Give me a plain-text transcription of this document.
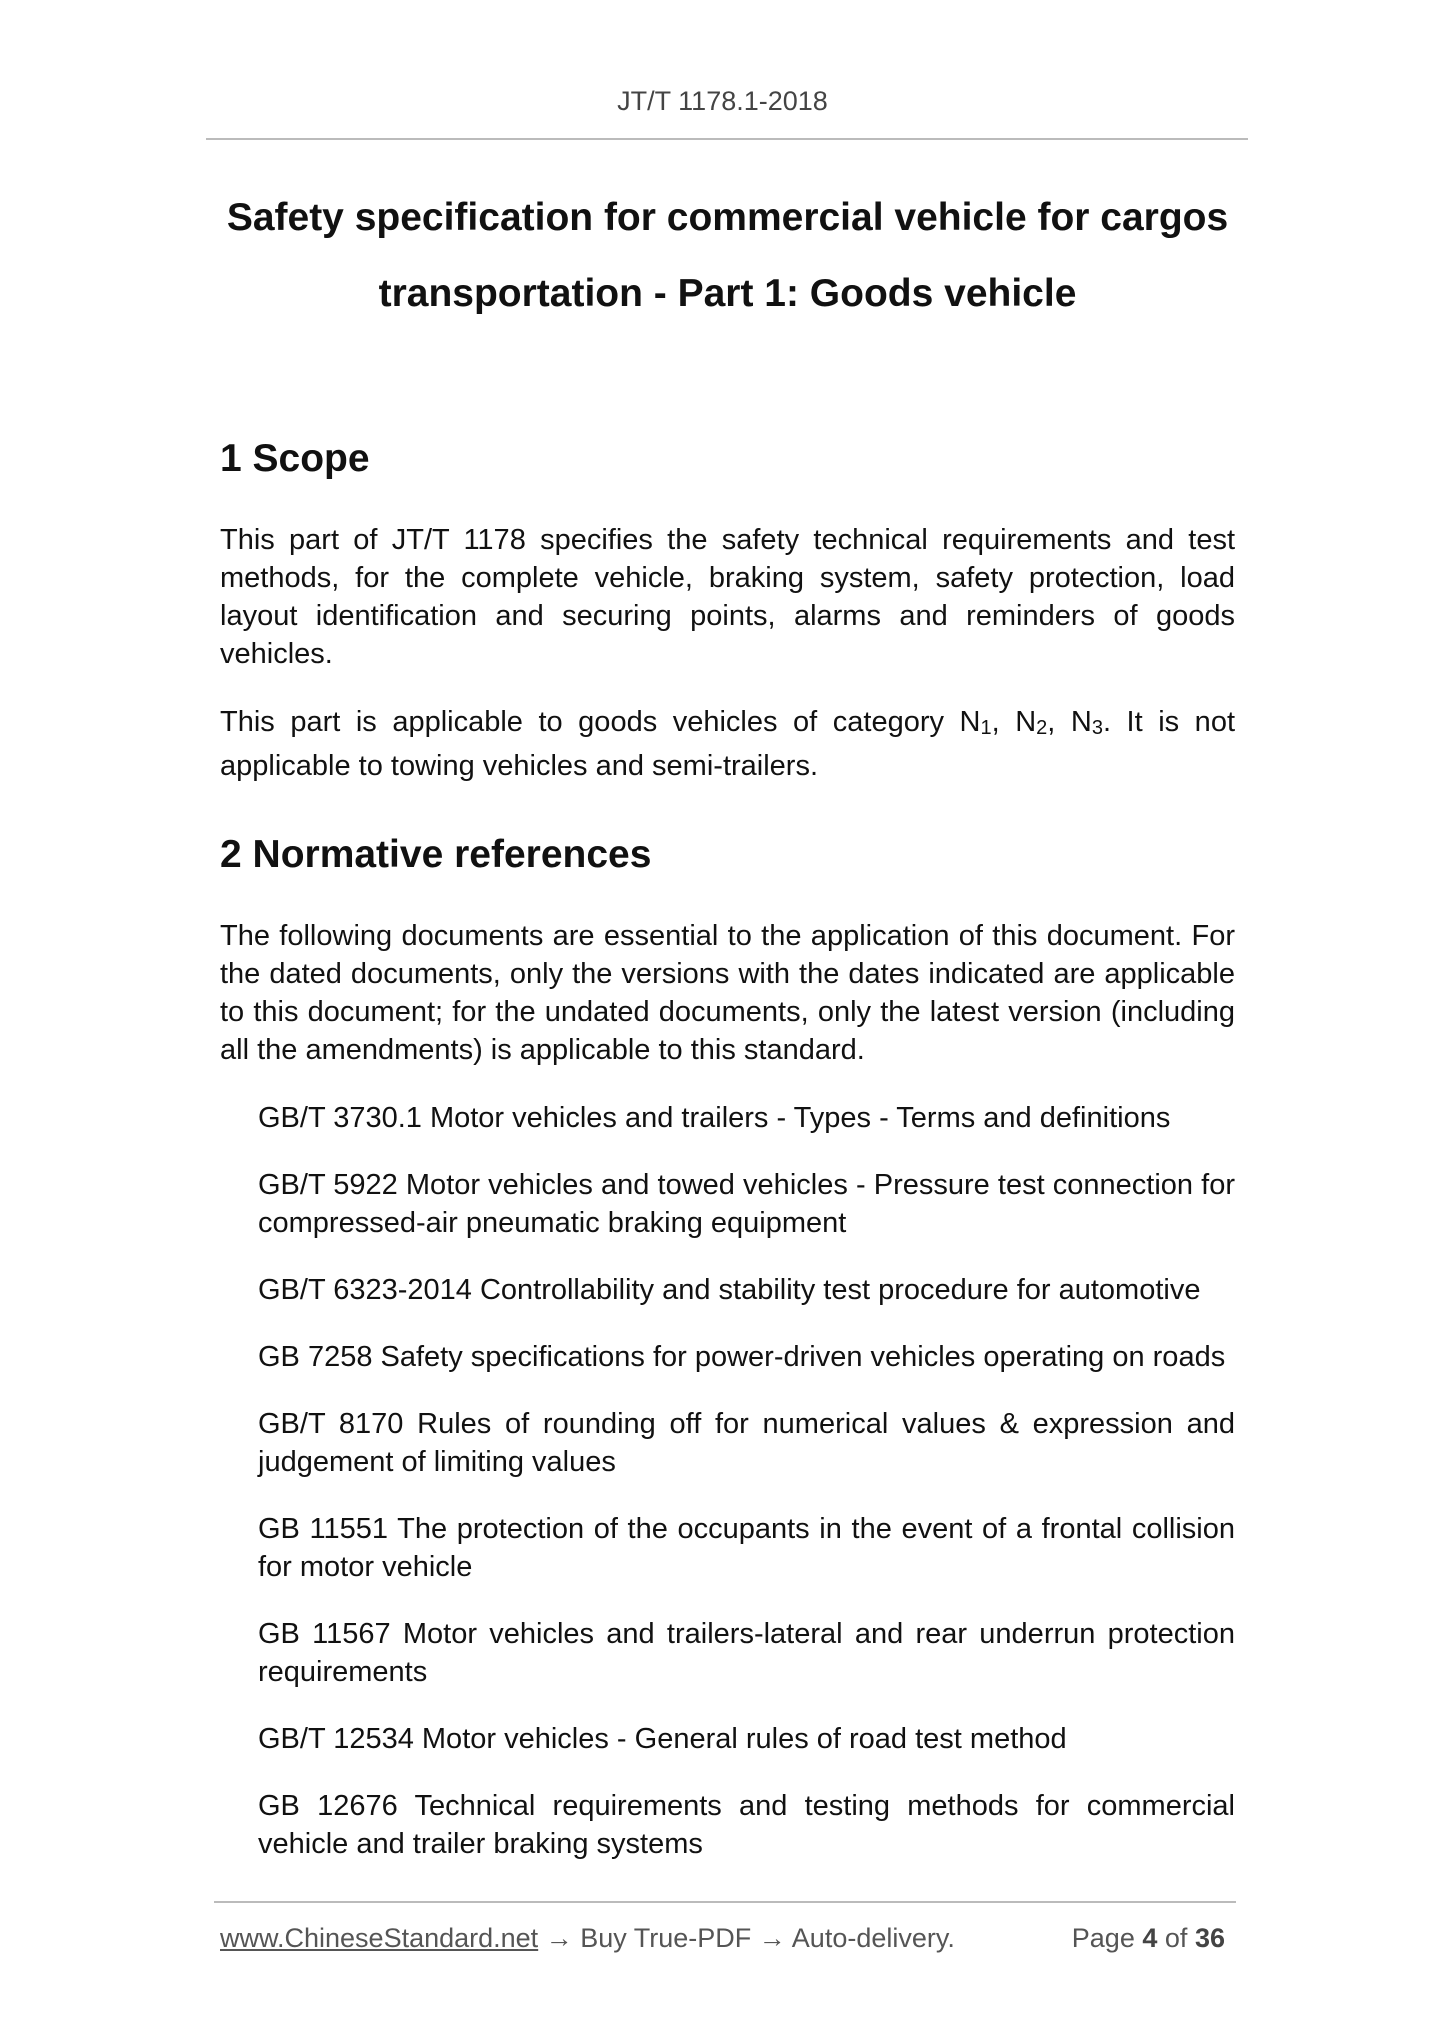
JT/T 1178.1-2018
Safety specification for commercial vehicle for cargos
transportation - Part 1: Goods vehicle
1 Scope

This part of JT/T 1178 specifies the safety technical requirements and test methods, for the complete vehicle, braking system, safety protection, load layout identification and securing points, alarms and reminders of goods vehicles.

This part is applicable to goods vehicles of category $N_1$, $N_2$, $N_3$. It is not applicable to towing vehicles and semi-trailers.

2 Normative references

The following documents are essential to the application of this document. For the dated documents, only the versions with the dates indicated are applicable to this document; for the undated documents, only the latest version (including all the amendments) is applicable to this standard.

GB/T 3730.1 Motor vehicles and trailers - Types - Terms and definitions
GB/T 5922 Motor vehicles and towed vehicles - Pressure test connection for compressed-air pneumatic braking equipment
GB/T 6323-2014 Controllability and stability test procedure for automotive
GB 7258 Safety specifications for power-driven vehicles operating on roads
GB/T 8170 Rules of rounding off for numerical values & expression and judgement of limiting values
GB 11551 The protection of the occupants in the event of a frontal collision for motor vehicle
GB 11567 Motor vehicles and trailers-lateral and rear underrun protection requirements
GB/T 12534 Motor vehicles - General rules of road test method
GB 12676 Technical requirements and testing methods for commercial vehicle and trailer braking systems
www.ChineseStandard.net → Buy True-PDF → Auto-delivery.	Page 4 of 36
